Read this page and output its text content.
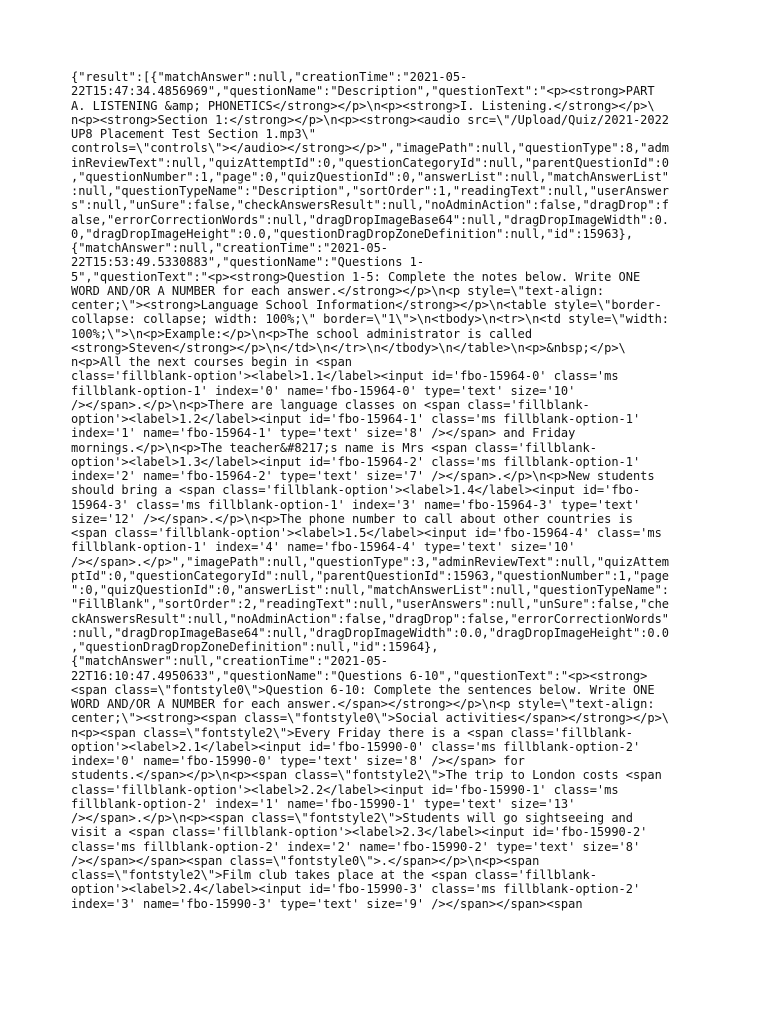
{"result":[{"matchAnswer":null,"creationTime":"2021-05-
22T15:47:34.4856969","questionName":"Description","questionText":"<p><strong>PART
A. LISTENING &amp; PHONETICS</strong></p>\n<p><strong>I. Listening.</strong></p>\
n<p><strong>Section 1:</strong></p>\n<p><strong><audio src=\"/Upload/Quiz/2021-2022
UP8 Placement Test Section 1.mp3\"
controls=\"controls\"></audio></strong></p>","imagePath":null,"questionType":8,"adm
inReviewText":null,"quizAttemptId":0,"questionCategoryId":null,"parentQuestionId":0
,"questionNumber":1,"page":0,"quizQuestionId":0,"answerList":null,"matchAnswerList"
:null,"questionTypeName":"Description","sortOrder":1,"readingText":null,"userAnswer
s":null,"unSure":false,"checkAnswersResult":null,"noAdminAction":false,"dragDrop":f
alse,"errorCorrectionWords":null,"dragDropImageBase64":null,"dragDropImageWidth":0.
0,"dragDropImageHeight":0.0,"questionDragDropZoneDefinition":null,"id":15963},
{"matchAnswer":null,"creationTime":"2021-05-
22T15:53:49.5330883","questionName":"Questions 1-
5","questionText":"<p><strong>Question 1-5: Complete the notes below. Write ONE
WORD AND/OR A NUMBER for each answer.</strong></p>\n<p style=\"text-align:
center;\"><strong>Language School Information</strong></p>\n<table style=\"border-
collapse: collapse; width: 100%;\" border=\"1\">\n<tbody>\n<tr>\n<td style=\"width:
100%;\">\n<p>Example:</p>\n<p>The school administrator is called
<strong>Steven</strong></p>\n</td>\n</tr>\n</tbody>\n</table>\n<p>&nbsp;</p>\
n<p>All the next courses begin in <span
class='fillblank-option'><label>1.1</label><input id='fbo-15964-0' class='ms
fillblank-option-1' index='0' name='fbo-15964-0' type='text' size='10'
/></span>.</p>\n<p>There are language classes on <span class='fillblank-
option'><label>1.2</label><input id='fbo-15964-1' class='ms fillblank-option-1'
index='1' name='fbo-15964-1' type='text' size='8' /></span> and Friday
mornings.</p>\n<p>The teacher&#8217;s name is Mrs <span class='fillblank-
option'><label>1.3</label><input id='fbo-15964-2' class='ms fillblank-option-1'
index='2' name='fbo-15964-2' type='text' size='7' /></span>.</p>\n<p>New students
should bring a <span class='fillblank-option'><label>1.4</label><input id='fbo-
15964-3' class='ms fillblank-option-1' index='3' name='fbo-15964-3' type='text'
size='12' /></span>.</p>\n<p>The phone number to call about other countries is
<span class='fillblank-option'><label>1.5</label><input id='fbo-15964-4' class='ms
fillblank-option-1' index='4' name='fbo-15964-4' type='text' size='10'
/></span>.</p>","imagePath":null,"questionType":3,"adminReviewText":null,"quizAttem
ptId":0,"questionCategoryId":null,"parentQuestionId":15963,"questionNumber":1,"page
":0,"quizQuestionId":0,"answerList":null,"matchAnswerList":null,"questionTypeName":
"FillBlank","sortOrder":2,"readingText":null,"userAnswers":null,"unSure":false,"che
ckAnswersResult":null,"noAdminAction":false,"dragDrop":false,"errorCorrectionWords"
:null,"dragDropImageBase64":null,"dragDropImageWidth":0.0,"dragDropImageHeight":0.0
,"questionDragDropZoneDefinition":null,"id":15964},
{"matchAnswer":null,"creationTime":"2021-05-
22T16:10:47.4950633","questionName":"Questions 6-10","questionText":"<p><strong>
<span class=\"fontstyle0\">Question 6-10: Complete the sentences below. Write ONE
WORD AND/OR A NUMBER for each answer.</span></strong></p>\n<p style=\"text-align:
center;\"><strong><span class=\"fontstyle0\">Social activities</span></strong></p>\
n<p><span class=\"fontstyle2\">Every Friday there is a <span class='fillblank-
option'><label>2.1</label><input id='fbo-15990-0' class='ms fillblank-option-2'
index='0' name='fbo-15990-0' type='text' size='8' /></span> for
students.</span></p>\n<p><span class=\"fontstyle2\">The trip to London costs <span
class='fillblank-option'><label>2.2</label><input id='fbo-15990-1' class='ms
fillblank-option-2' index='1' name='fbo-15990-1' type='text' size='13'
/></span>.</p>\n<p><span class=\"fontstyle2\">Students will go sightseeing and
visit a <span class='fillblank-option'><label>2.3</label><input id='fbo-15990-2'
class='ms fillblank-option-2' index='2' name='fbo-15990-2' type='text' size='8'
/></span></span><span class=\"fontstyle0\">.</span></p>\n<p><span
class=\"fontstyle2\">Film club takes place at the <span class='fillblank-
option'><label>2.4</label><input id='fbo-15990-3' class='ms fillblank-option-2'
index='3' name='fbo-15990-3' type='text' size='9' /></span></span><span
